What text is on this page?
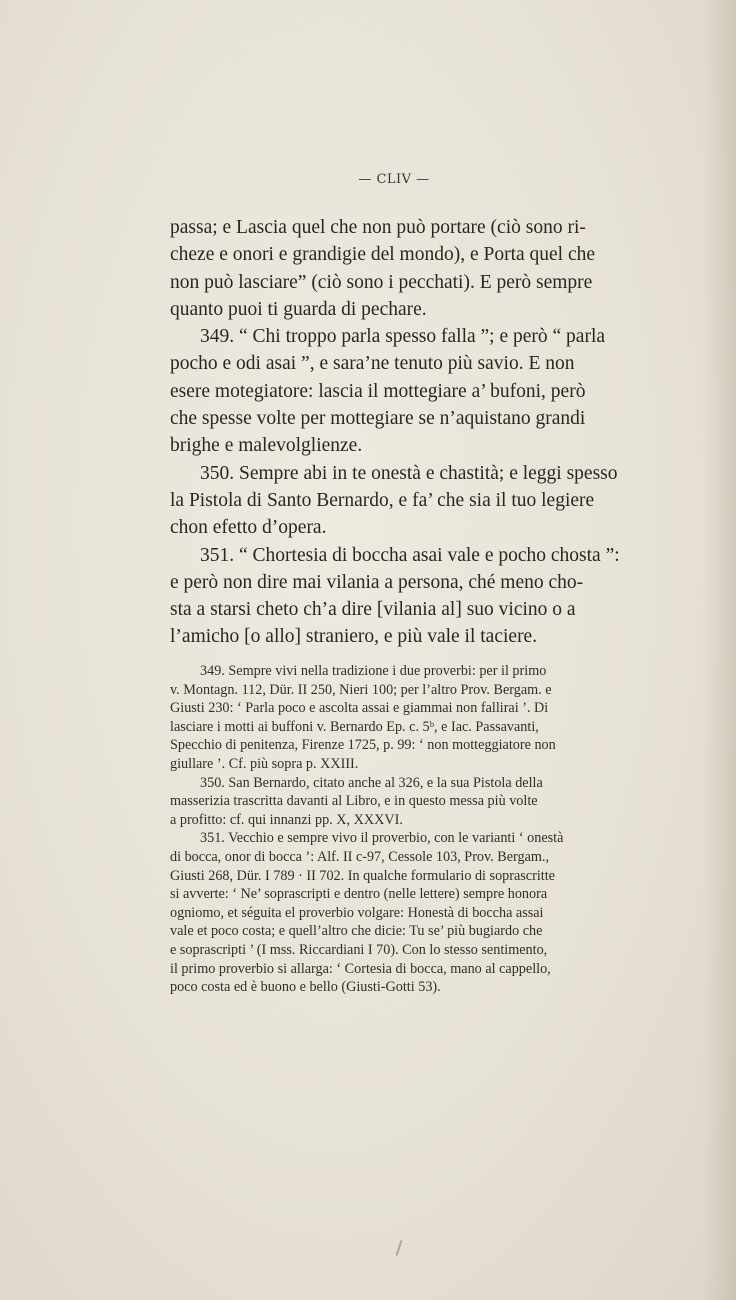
— CLIV —

passa; e Lascia quel che non può portare (ciò sono ri-

cheze e onori e grandigie del mondo), e Porta quel che

non può lasciare” (ciò sono i pecchati). E però sempre

quanto puoi ti guarda di pechare.

349. “ Chi troppo parla spesso falla ”; e però “ parla

pocho e odi asai ”, e sara’ne tenuto più savio. E non

esere motegiatore: lascia il mottegiare a’ bufoni, però

che spesse volte per mottegiare se n’aquistano grandi

brighe e malevolglienze.

350. Sempre abi in te onestà e chastità; e leggi spesso

la Pistola di Santo Bernardo, e fa’ che sia il tuo legiere

chon efetto d’opera.

351. “ Chortesia di boccha asai vale e pocho chosta ”:

e però non dire mai vilania a persona, ché meno cho-

sta a starsi cheto ch’a dire [vilania al] suo vicino o a

l’amicho [o allo] straniero, e più vale il taciere.

349. Sempre vivi nella tradizione i due proverbi: per il primo

v. Montagn. 112, Dür. II 250, Nieri 100; per l’altro Prov. Bergam. e

Giusti 230: ‘ Parla poco e ascolta assai e giammai non fallirai ’. Di

lasciare i motti ai buffoni v. Bernardo Ep. c. 5ᵇ, e Iac. Passavanti,

Specchio di penitenza, Firenze 1725, p. 99: ‘ non motteggiatore non

giullare ’. Cf. più sopra p. XXIII.

350. San Bernardo, citato anche al 326, e la sua Pistola della

masserizia trascritta davanti al Libro, e in questo messa più volte

a profitto: cf. qui innanzi pp. X, XXXVI.

351. Vecchio e sempre vivo il proverbio, con le varianti ‘ onestà

di bocca, onor di bocca ’: Alf. II c-97, Cessole 103, Prov. Bergam.,

Giusti 268, Dür. I 789 · II 702. In qualche formulario di soprascritte

si avverte: ‘ Ne’ soprascripti e dentro (nelle lettere) sempre honora

ogniomo, et séguita el proverbio volgare: Honestà di boccha assai

vale et poco costa; e quell’altro che dicie: Tu se’ più bugiardo che

e soprascripti ’ (I mss. Riccardiani I 70). Con lo stesso sentimento,

il primo proverbio si allarga: ‘ Cortesia di bocca, mano al cappello,

poco costa ed è buono e bello (Giusti-Gotti 53).
